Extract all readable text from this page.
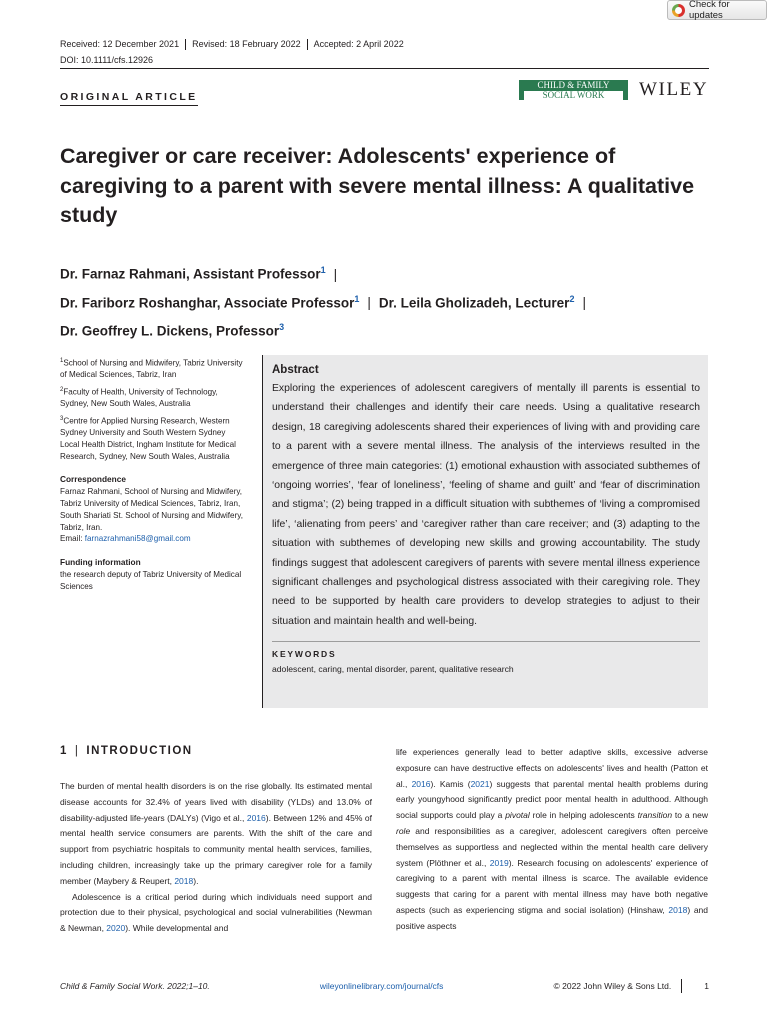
Check for updates
Received: 12 December 2021	Revised: 18 February 2022	Accepted: 2 April 2022
DOI: 10.1111/cfs.12926
ORIGINAL ARTICLE
CHILD & FAMILY
SOCIAL WORK	WILEY
Caregiver or care receiver: Adolescents' experience of caregiving to a parent with severe mental illness: A qualitative study
Dr. Farnaz Rahmani, Assistant Professor$^1$ |
Dr. Fariborz Roshanghar, Associate Professor$^1$ | Dr. Leila Gholizadeh, Lecturer$^2$ |
Dr. Geoffrey L. Dickens, Professor$^3$

$^1$School of Nursing and Midwifery, Tabriz University of Medical Sciences, Tabriz, Iran

$^2$Faculty of Health, University of Technology, Sydney, New South Wales, Australia

$^3$Centre for Applied Nursing Research, Western Sydney University and South Western Sydney Local Health District, Ingham Institute for Medical Research, Sydney, New South Wales, Australia

Correspondence

Farnaz Rahmani, School of Nursing and Midwifery, Tabriz University of Medical Sciences, Tabriz, Iran, South Shariati St. School of Nursing and Midwifery, Tabriz, Iran.
Email: farnazrahmani58@gmail.com

Funding information

the research deputy of Tabriz University of Medical Sciences

Abstract

Exploring the experiences of adolescent caregivers of mentally ill parents is essential to understand their challenges and identify their care needs. Using a qualitative research design, 18 caregiving adolescents shared their experiences of living with and providing care to a parent with a severe mental illness. The analysis of the interviews resulted in the emergence of three main categories: (1) emotional exhaustion with associated subthemes of ‘ongoing worries’, ‘fear of loneliness’, ‘feeling of shame and guilt’ and ‘fear of discrimination and stigma’; (2) being trapped in a difficult situation with subthemes of ‘living a compromised life’, ‘alienating from peers’ and ‘caregiver rather than care receiver; and (3) adapting to the situation with subthemes of developing new skills and growing accountability. The study findings suggest that adolescent caregivers of parents with severe mental illness experience significant challenges and psychological distress associated with their caregiving role. They need to be supported by health care providers to develop strategies to adjust to their situation and maintain health and well-being.

KEYWORDS
adolescent, caring, mental disorder, parent, qualitative research
1 | INTRODUCTION

The burden of mental health disorders is on the rise globally. Its estimated mental disease accounts for 32.4% of years lived with disability (YLDs) and 13.0% of disability-adjusted life-years (DALYs) (Vigo et al., 2016). Between 12% and 45% of mental health service consumers are parents. With the shift of the care and support from psychiatric hospitals to community mental health services, families, including children, increasingly take up the primary caregiver role for a family member (Maybery & Reupert, 2018).

Adolescence is a critical period during which individuals need support and protection due to their physical, psychological and social vulnerabilities (Newman & Newman, 2020). While developmental and

life experiences generally lead to better adaptive skills, excessive adverse exposure can have destructive effects on adolescents' lives and health (Patton et al., 2016). Kamis (2021) suggests that parental mental health problems during early youngyhood significantly predict poor mental health in adulthood. Although social supports could play a pivotal role in helping adolescents transition to a new role and responsibilities as a caregiver, adolescent caregivers often perceive themselves as supportless and neglected within the mental health care delivery system (Plöthner et al., 2019). Research focusing on adolescents' experience of caregiving to a parent with mental illness is scarce. The available evidence suggests that caring for a parent with mental illness may have both negative aspects (such as experiencing stigma and social isolation) (Hinshaw, 2018) and positive aspects

Child & Family Social Work. 2022;1–10.	wileyonlinelibrary.com/journal/cfs	© 2022 John Wiley & Sons Ltd.	1
